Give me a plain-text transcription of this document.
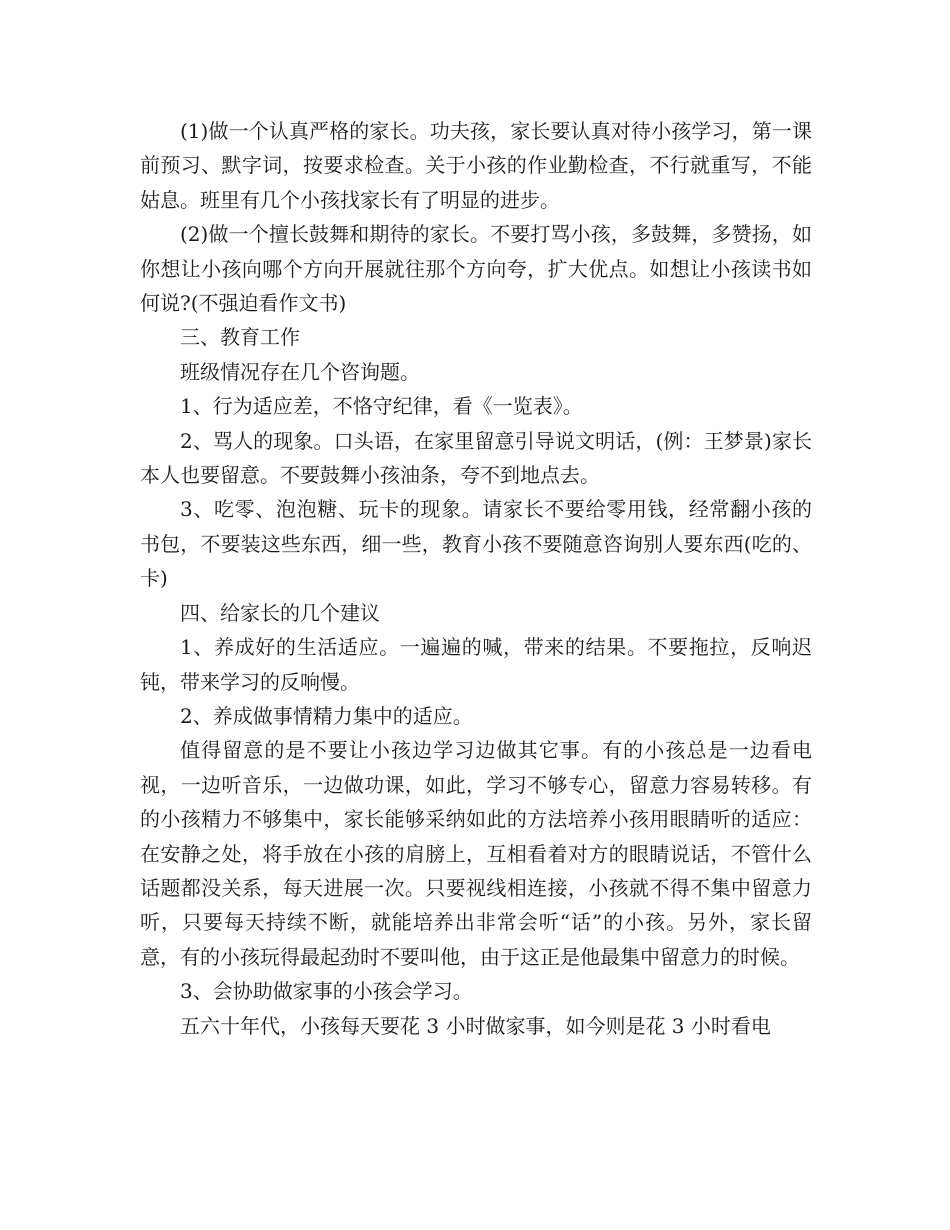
(1)做一个认真严格的家长。功夫孩，家长要认真对待小孩学习，第一课前预习、默字词，按要求检查。关于小孩的作业勤检查，不行就重写，不能姑息。班里有几个小孩找家长有了明显的进步。

(2)做一个擅长鼓舞和期待的家长。不要打骂小孩，多鼓舞，多赞扬，如你想让小孩向哪个方向开展就往那个方向夸，扩大优点。如想让小孩读书如何说?(不强迫看作文书)

三、教育工作

班级情况存在几个咨询题。

1、行为适应差，不恪守纪律，看《一览表》。

2、骂人的现象。口头语，在家里留意引导说文明话，(例：王梦景)家长本人也要留意。不要鼓舞小孩油条，夸不到地点去。

3、吃零、泡泡糖、玩卡的现象。请家长不要给零用钱，经常翻小孩的书包，不要装这些东西，细一些，教育小孩不要随意咨询别人要东西(吃的、卡)

四、给家长的几个建议

1、养成好的生活适应。一遍遍的喊，带来的结果。不要拖拉，反响迟钝，带来学习的反响慢。

2、养成做事情精力集中的适应。

值得留意的是不要让小孩边学习边做其它事。有的小孩总是一边看电视，一边听音乐，一边做功课，如此，学习不够专心，留意力容易转移。有的小孩精力不够集中，家长能够采纳如此的方法培养小孩用眼睛听的适应：在安静之处，将手放在小孩的肩膀上，互相看着对方的眼睛说话，不管什么话题都没关系，每天进展一次。只要视线相连接，小孩就不得不集中留意力听，只要每天持续不断，就能培养出非常会听“话”的小孩。另外，家长留意，有的小孩玩得最起劲时不要叫他，由于这正是他最集中留意力的时候。

3、会协助做家事的小孩会学习。

五六十年代，小孩每天要花 3 小时做家事，如今则是花 3 小时看电
